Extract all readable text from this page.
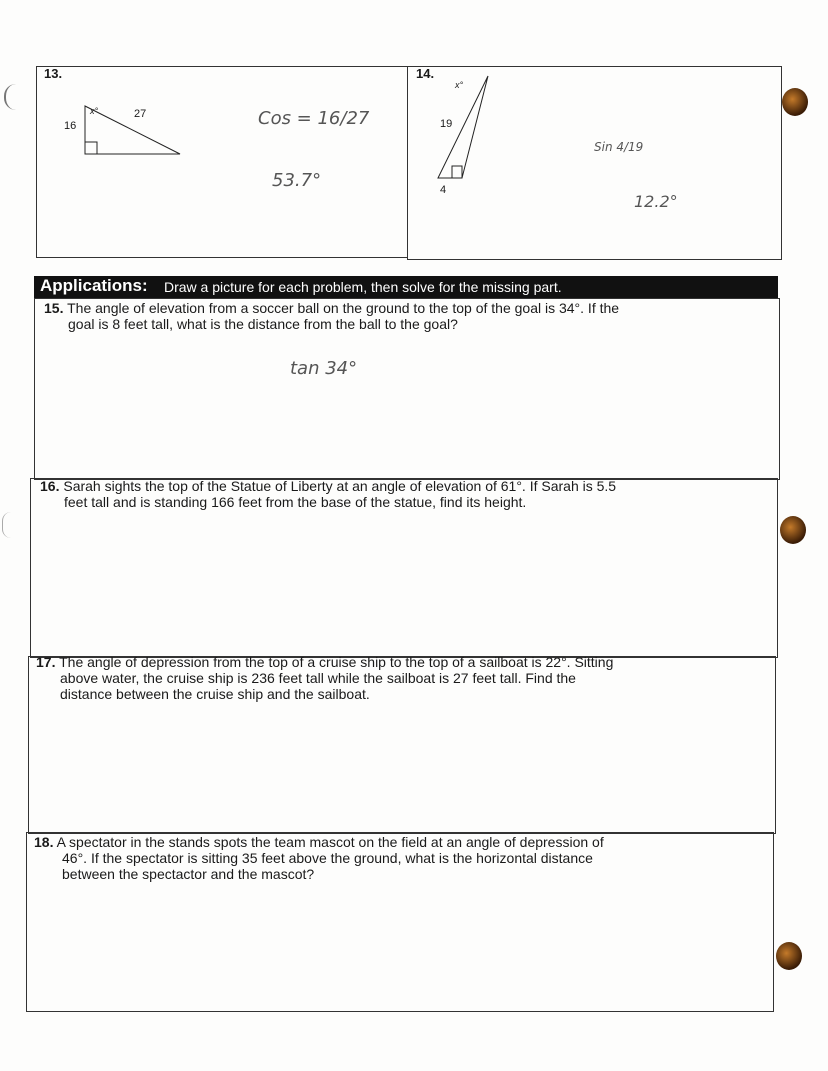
13.	14.
x°
16
27	Cos = 16/27
53.7°
x°
19
4
Sin 4/19
12.2°
Applications: Draw a picture for each problem, then solve for the missing part.
15. The angle of elevation from a soccer ball on the ground to the top of the goal is 34°. If the
goal is 8 feet tall, what is the distance from the ball to the goal?
tan 34°
16. Sarah sights the top of the Statue of Liberty at an angle of elevation of 61°. If Sarah is 5.5
feet tall and is standing 166 feet from the base of the statue, find its height.
17. The angle of depression from the top of a cruise ship to the top of a sailboat is 22°. Sitting
above water, the cruise ship is 236 feet tall while the sailboat is 27 feet tall. Find the
distance between the cruise ship and the sailboat.
18. A spectator in the stands spots the team mascot on the field at an angle of depression of
46°. If the spectator is sitting 35 feet above the ground, what is the horizontal distance
between the spectactor and the mascot?
